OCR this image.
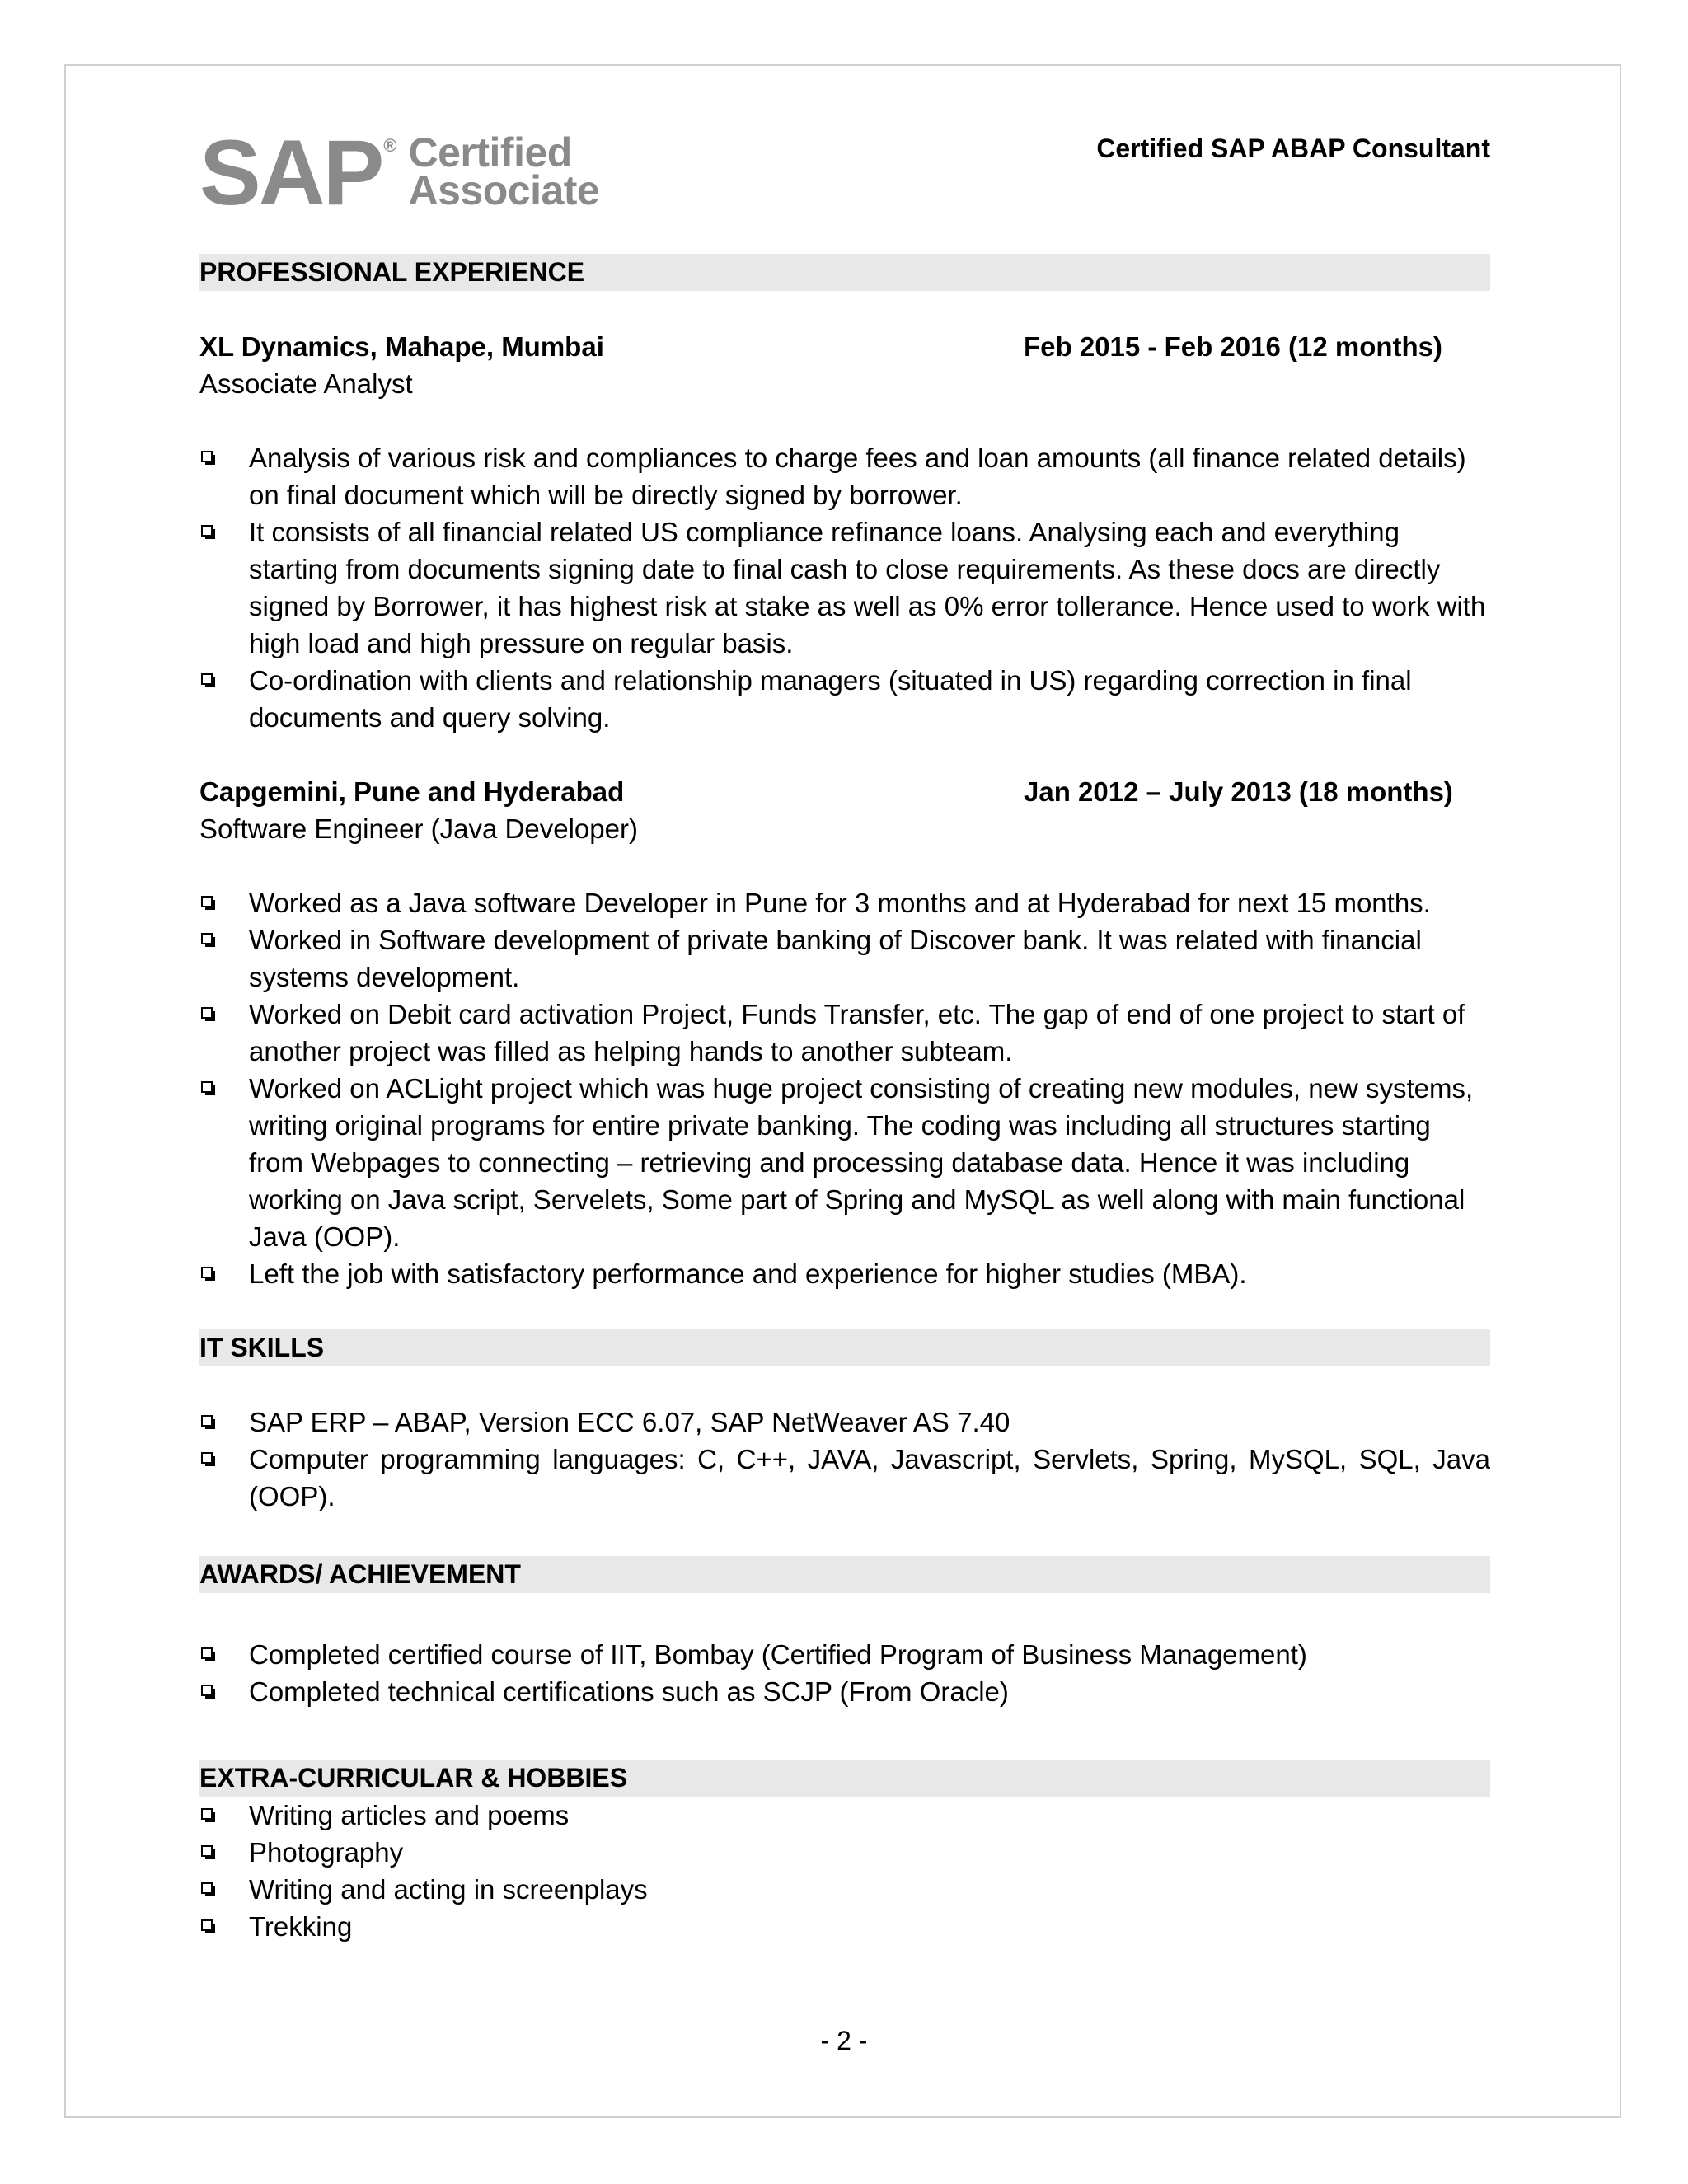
SAP ® Certified
Associate
Certified SAP ABAP Consultant
PROFESSIONAL EXPERIENCE
XL Dynamics, Mahape, Mumbai	Feb 2015 - Feb 2016 (12 months)
Associate Analyst
Analysis of various risk and compliances to charge fees and loan amounts (all finance related details) on final document which will be directly signed by borrower.
It consists of all financial related US compliance refinance loans. Analysing each and everything starting from documents signing date to final cash to close requirements. As these docs are directly signed by Borrower, it has highest risk at stake as well as 0% error tollerance. Hence used to work with high load and high pressure on regular basis.
Co-ordination with clients and relationship managers (situated in US) regarding correction in final documents and query solving.
Capgemini, Pune and Hyderabad	Jan 2012 – July 2013 (18 months)
Software Engineer (Java Developer)
Worked as a Java software Developer in Pune for 3 months and at Hyderabad for next 15 months.
Worked in Software development of private banking of Discover bank. It was related with financial systems development.
Worked on Debit card activation Project, Funds Transfer, etc. The gap of end of one project to start of another project was filled as helping hands to another subteam.
Worked on ACLight project which was huge project consisting of creating new modules, new systems, writing original programs for entire private banking. The coding was including all structures starting from Webpages to connecting – retrieving and processing database data. Hence it was including working on Java script, Servelets, Some part of Spring and MySQL as well along with main functional Java (OOP).
Left the job with satisfactory performance and experience for higher studies (MBA).
IT SKILLS
SAP ERP – ABAP, Version ECC 6.07, SAP NetWeaver AS 7.40
Computer programming languages: C, C++, JAVA, Javascript, Servlets, Spring, MySQL, SQL, Java (OOP).
AWARDS/ ACHIEVEMENT
Completed certified course of IIT, Bombay (Certified Program of Business Management)
Completed technical certifications such as SCJP (From Oracle)
EXTRA-CURRICULAR & HOBBIES
Writing articles and poems
Photography
Writing and acting in screenplays
Trekking
- 2 -
